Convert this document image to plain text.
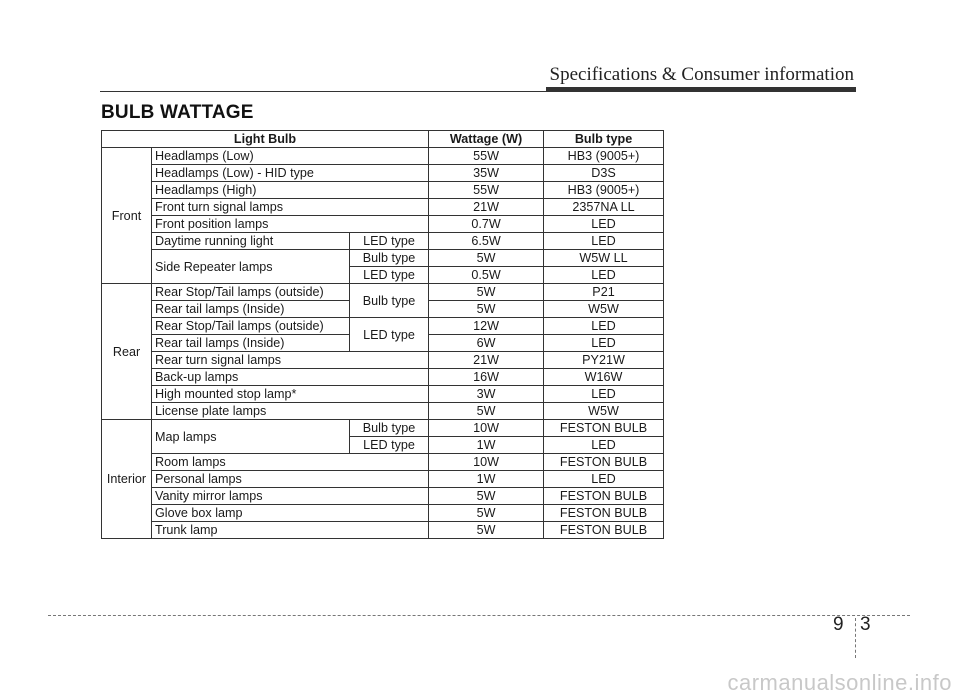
Specifications & Consumer information
BULB WATTAGE
Light Bulb			Wattage (W)	Bulb type
Front	Headlamps (Low)		55W	HB3 (9005+)
	Headlamps (Low) - HID type		35W	D3S
	Headlamps (High)		55W	HB3 (9005+)
	Front turn signal lamps		21W	2357NA LL
	Front position lamps		0.7W	LED
	Daytime running light	LED type	6.5W	LED
	Side Repeater lamps	Bulb type	5W	W5W LL
		LED type	0.5W	LED
Rear	Rear Stop/Tail lamps (outside)	Bulb type	5W	P21
	Rear tail lamps (Inside)		5W	W5W
	Rear Stop/Tail lamps (outside)	LED type	12W	LED
	Rear tail lamps (Inside)		6W	LED
	Rear turn signal lamps		21W	PY21W
	Back-up lamps		16W	W16W
	High mounted stop lamp*		3W	LED
	License plate lamps		5W	W5W
Interior	Map lamps	Bulb type	10W	FESTON BULB
		LED type	1W	LED
	Room lamps		10W	FESTON BULB
	Personal lamps		1W	LED
	Vanity mirror lamps		5W	FESTON BULB
	Glove box lamp		5W	FESTON BULB
	Trunk lamp		5W	FESTON BULB
9 3
carmanualsonline.info
